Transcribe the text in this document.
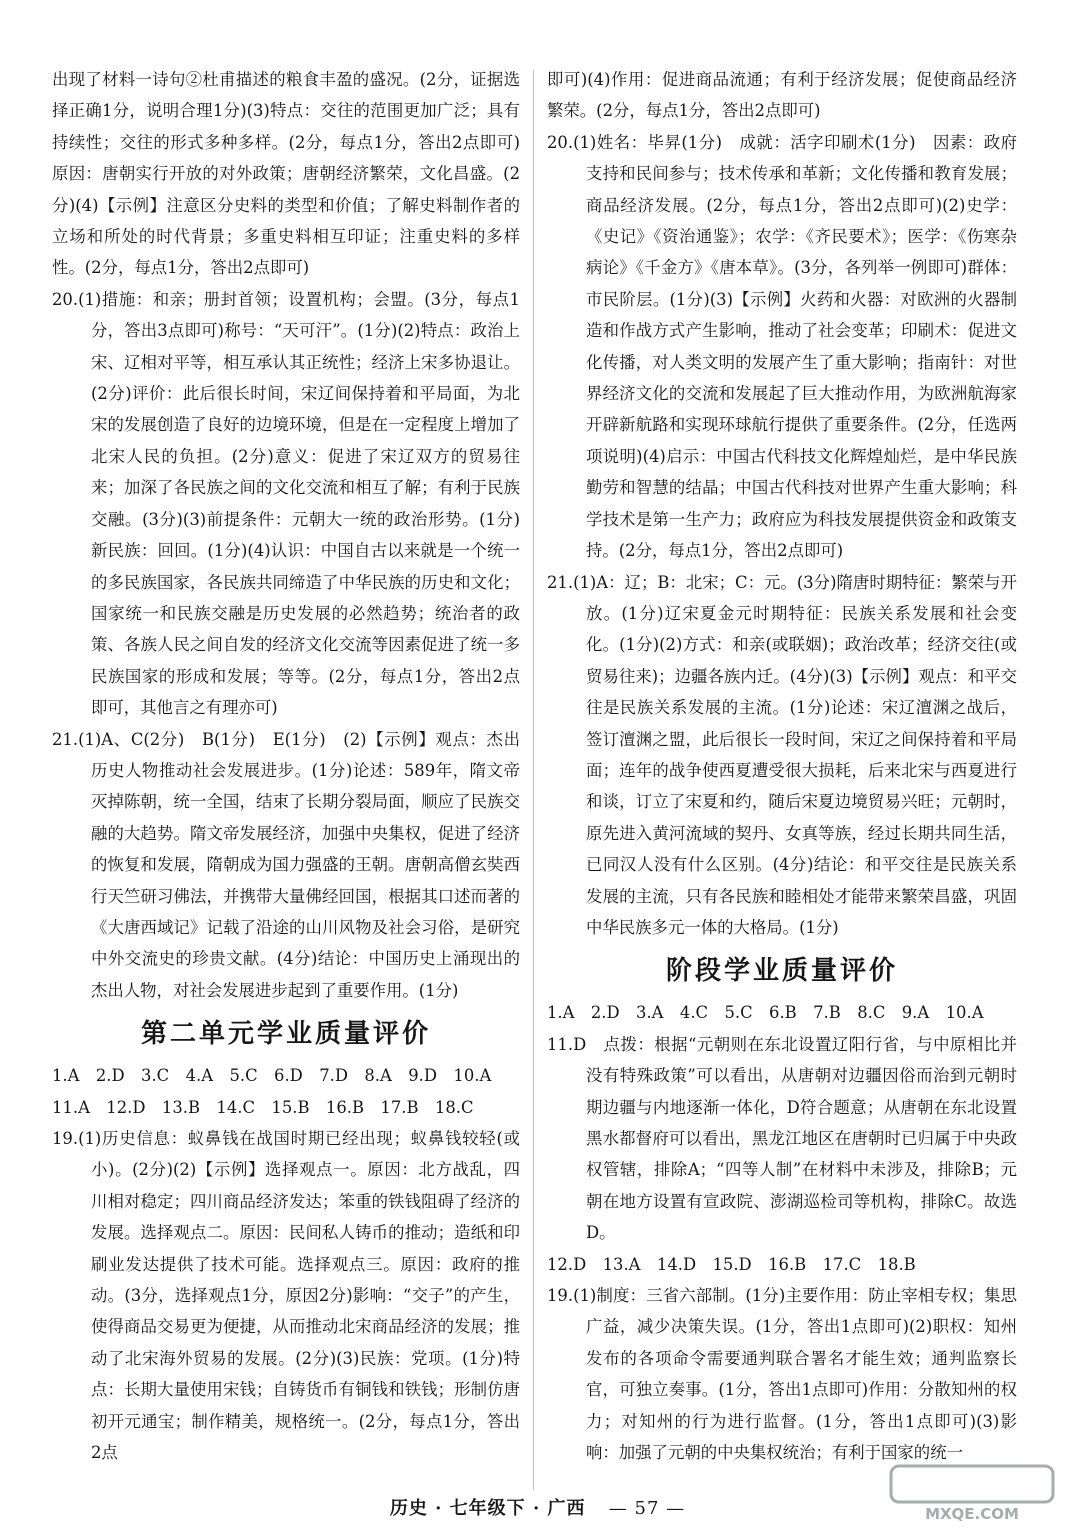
出现了材料一诗句②杜甫描述的粮食丰盈的盛况。(2分，证据选择正确1分，说明合理1分)(3)特点：交往的范围更加广泛；具有持续性；交往的形式多种多样。(2分，每点1分，答出2点即可)原因：唐朝实行开放的对外政策；唐朝经济繁荣，文化昌盛。(2分)(4)【示例】注意区分史料的类型和价值；了解史料制作者的立场和所处的时代背景；多重史料相互印证；注重史料的多样性。(2分，每点1分，答出2点即可)

20.(1)措施：和亲；册封首领；设置机构；会盟。(3分，每点1分，答出3点即可)称号：“天可汗”。(1分)(2)特点：政治上宋、辽相对平等，相互承认其正统性；经济上宋多协退让。(2分)评价：此后很长时间，宋辽间保持着和平局面，为北宋的发展创造了良好的边境环境，但是在一定程度上增加了北宋人民的负担。(2分)意义：促进了宋辽双方的贸易往来；加深了各民族之间的文化交流和相互了解；有利于民族交融。(3分)(3)前提条件：元朝大一统的政治形势。(1分)新民族：回回。(1分)(4)认识：中国自古以来就是一个统一的多民族国家，各民族共同缔造了中华民族的历史和文化；国家统一和民族交融是历史发展的必然趋势；统治者的政策、各族人民之间自发的经济文化交流等因素促进了统一多民族国家的形成和发展；等等。(2分，每点1分，答出2点即可，其他言之有理亦可)

21.(1)A、C(2分)　B(1分)　E(1分)　(2)【示例】观点：杰出历史人物推动社会发展进步。(1分)论述：589年，隋文帝灭掉陈朝，统一全国，结束了长期分裂局面，顺应了民族交融的大趋势。隋文帝发展经济，加强中央集权，促进了经济的恢复和发展，隋朝成为国力强盛的王朝。唐朝高僧玄奘西行天竺研习佛法，并携带大量佛经回国，根据其口述而著的《大唐西域记》记载了沿途的山川风物及社会习俗，是研究中外交流史的珍贵文献。(4分)结论：中国历史上涌现出的杰出人物，对社会发展进步起到了重要作用。(1分)

第二单元学业质量评价

1.A　2.D　3.C　4.A　5.C　6.D　7.D　8.A　9.D　10.A

11.A　12.D　13.B　14.C　15.B　16.B　17.B　18.C

19.(1)历史信息：蚁鼻钱在战国时期已经出现；蚁鼻钱较轻(或小)。(2分)(2)【示例】选择观点一。原因：北方战乱，四川相对稳定；四川商品经济发达；笨重的铁钱阻碍了经济的发展。选择观点二。原因：民间私人铸币的推动；造纸和印刷业发达提供了技术可能。选择观点三。原因：政府的推动。(3分，选择观点1分，原因2分)影响：“交子”的产生，使得商品交易更为便捷，从而推动北宋商品经济的发展；推动了北宋海外贸易的发展。(2分)(3)民族：党项。(1分)特点：长期大量使用宋钱；自铸货币有铜钱和铁钱；形制仿唐初开元通宝；制作精美，规格统一。(2分，每点1分，答出2点

即可)(4)作用：促进商品流通；有利于经济发展；促使商品经济繁荣。(2分，每点1分，答出2点即可)

20.(1)姓名：毕昇(1分)　成就：活字印刷术(1分)　因素：政府支持和民间参与；技术传承和革新；文化传播和教育发展；商品经济发展。(2分，每点1分，答出2点即可)(2)史学：《史记》《资治通鉴》；农学：《齐民要术》；医学：《伤寒杂病论》《千金方》《唐本草》。(3分，各列举一例即可)群体：市民阶层。(1分)(3)【示例】火药和火器：对欧洲的火器制造和作战方式产生影响，推动了社会变革；印刷术：促进文化传播，对人类文明的发展产生了重大影响；指南针：对世界经济文化的交流和发展起了巨大推动作用，为欧洲航海家开辟新航路和实现环球航行提供了重要条件。(2分，任选两项说明)(4)启示：中国古代科技文化辉煌灿烂，是中华民族勤劳和智慧的结晶；中国古代科技对世界产生重大影响；科学技术是第一生产力；政府应为科技发展提供资金和政策支持。(2分，每点1分，答出2点即可)

21.(1)A：辽；B：北宋；C：元。(3分)隋唐时期特征：繁荣与开放。(1分)辽宋夏金元时期特征：民族关系发展和社会变化。(1分)(2)方式：和亲(或联姻)；政治改革；经济交往(或贸易往来)；边疆各族内迁。(4分)(3)【示例】观点：和平交往是民族关系发展的主流。(1分)论述：宋辽澶渊之战后，签订澶渊之盟，此后很长一段时间，宋辽之间保持着和平局面；连年的战争使西夏遭受很大损耗，后来北宋与西夏进行和谈，订立了宋夏和约，随后宋夏边境贸易兴旺；元朝时，原先进入黄河流域的契丹、女真等族，经过长期共同生活，已同汉人没有什么区别。(4分)结论：和平交往是民族关系发展的主流，只有各民族和睦相处才能带来繁荣昌盛，巩固中华民族多元一体的大格局。(1分)

阶段学业质量评价

1.A　2.D　3.A　4.C　5.C　6.B　7.B　8.C　9.A　10.A

11.D　点拨：根据“元朝则在东北设置辽阳行省，与中原相比并没有特殊政策”可以看出，从唐朝对边疆因俗而治到元朝时期边疆与内地逐渐一体化，D符合题意；从唐朝在东北设置黑水都督府可以看出，黑龙江地区在唐朝时已归属于中央政权管辖，排除A；“四等人制”在材料中未涉及，排除B；元朝在地方设置有宣政院、澎湖巡检司等机构，排除C。故选D。

12.D　13.A　14.D　15.D　16.B　17.C　18.B

19.(1)制度：三省六部制。(1分)主要作用：防止宰相专权；集思广益，减少决策失误。(1分，答出1点即可)(2)职权：知州发布的各项命令需要通判联合署名才能生效；通判监察长官，可独立奏事。(1分，答出1点即可)作用：分散知州的权力；对知州的行为进行监督。(1分，答出1点即可)(3)影响：加强了元朝的中央集权统治；有利于国家的统一

历史 · 七年级下 · 广西 — 57 —	MXQE.COM
